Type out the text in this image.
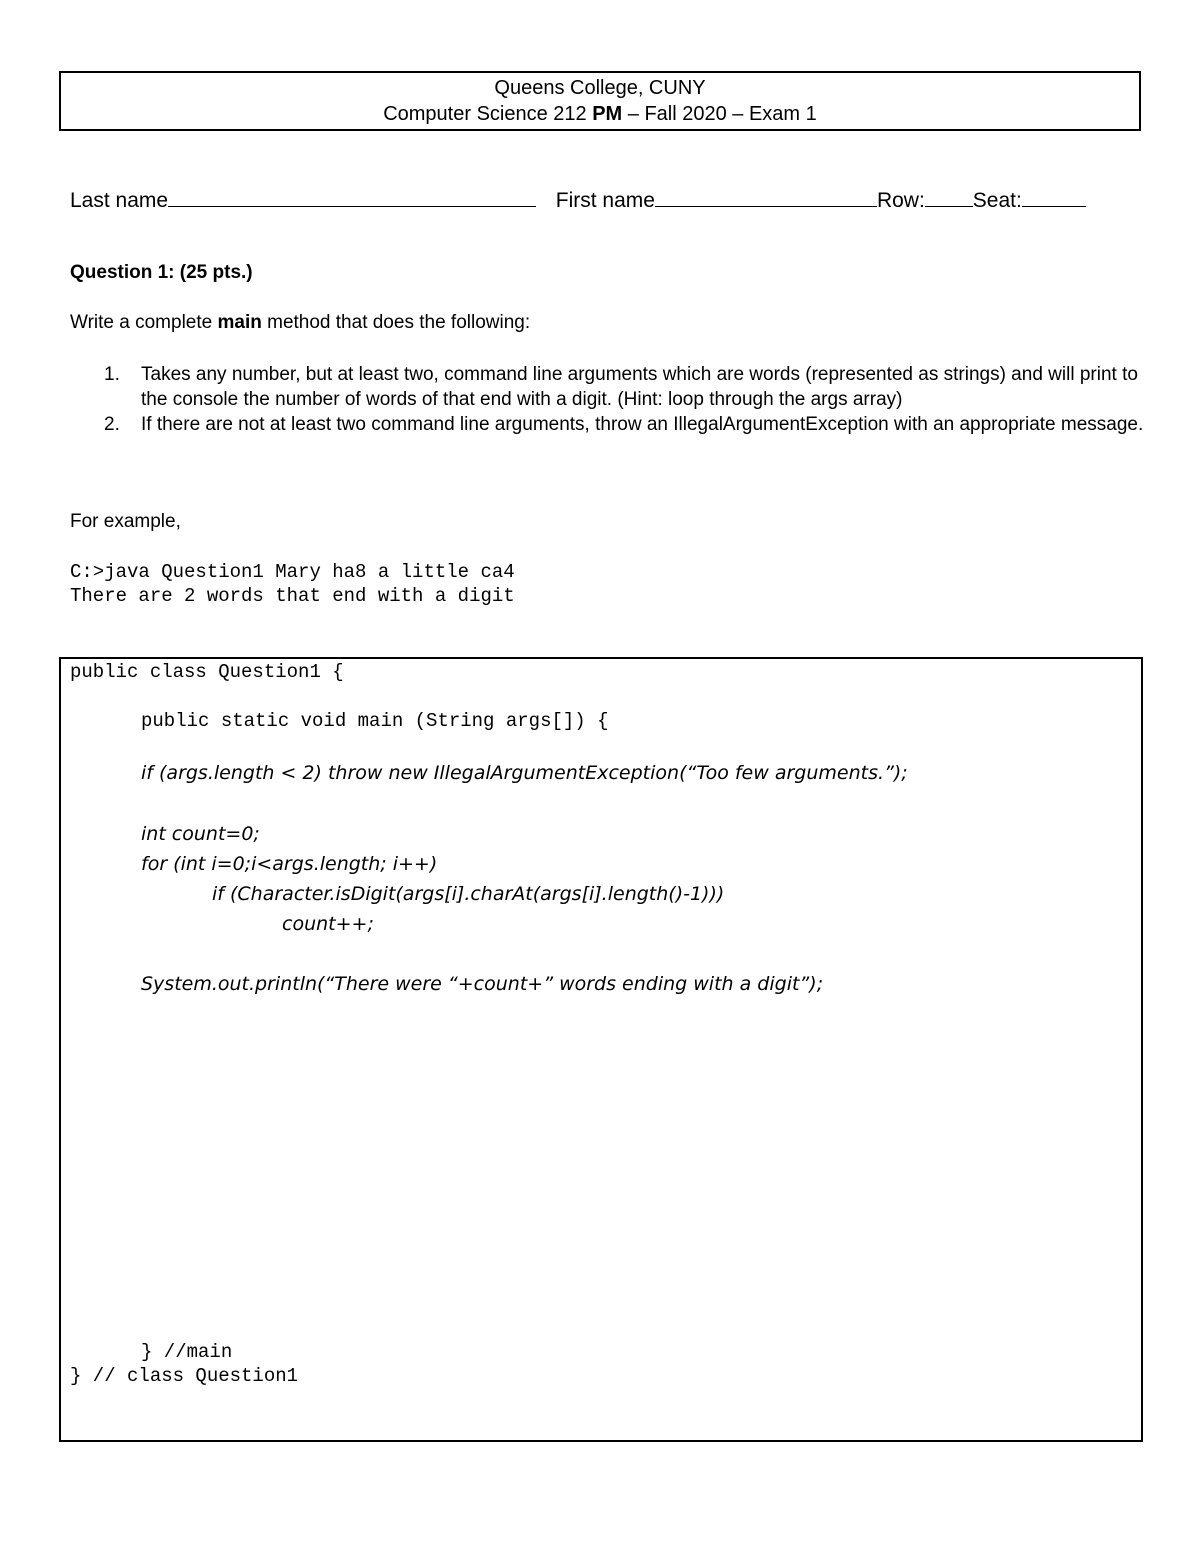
Queens College, CUNY
Computer Science 212 PM – Fall 2020 – Exam 1
Last name	First name	Row: Seat:
Question 1: (25 pts.)
Write a complete main method that does the following:
1. Takes any number, but at least two, command line arguments which are words (represented as strings) and will print to the console the number of words of that end with a digit. (Hint: loop through the args array)
2. If there are not at least two command line arguments, throw an IllegalArgumentException with an appropriate message.
For example,
C:>java Question1 Mary ha8 a little ca4
There are 2 words that end with a digit
public class Question1 {
public static void main (String args[]) {
if (args.length < 2) throw new IllegalArgumentException(“Too few arguments.”);
int count=0;
for (int i=0;i<args.length; i++)
if (Character.isDigit(args[i].charAt(args[i].length()-1)))
count++;
System.out.println(“There were “+count+” words ending with a digit”);
} //main
} // class Question1
